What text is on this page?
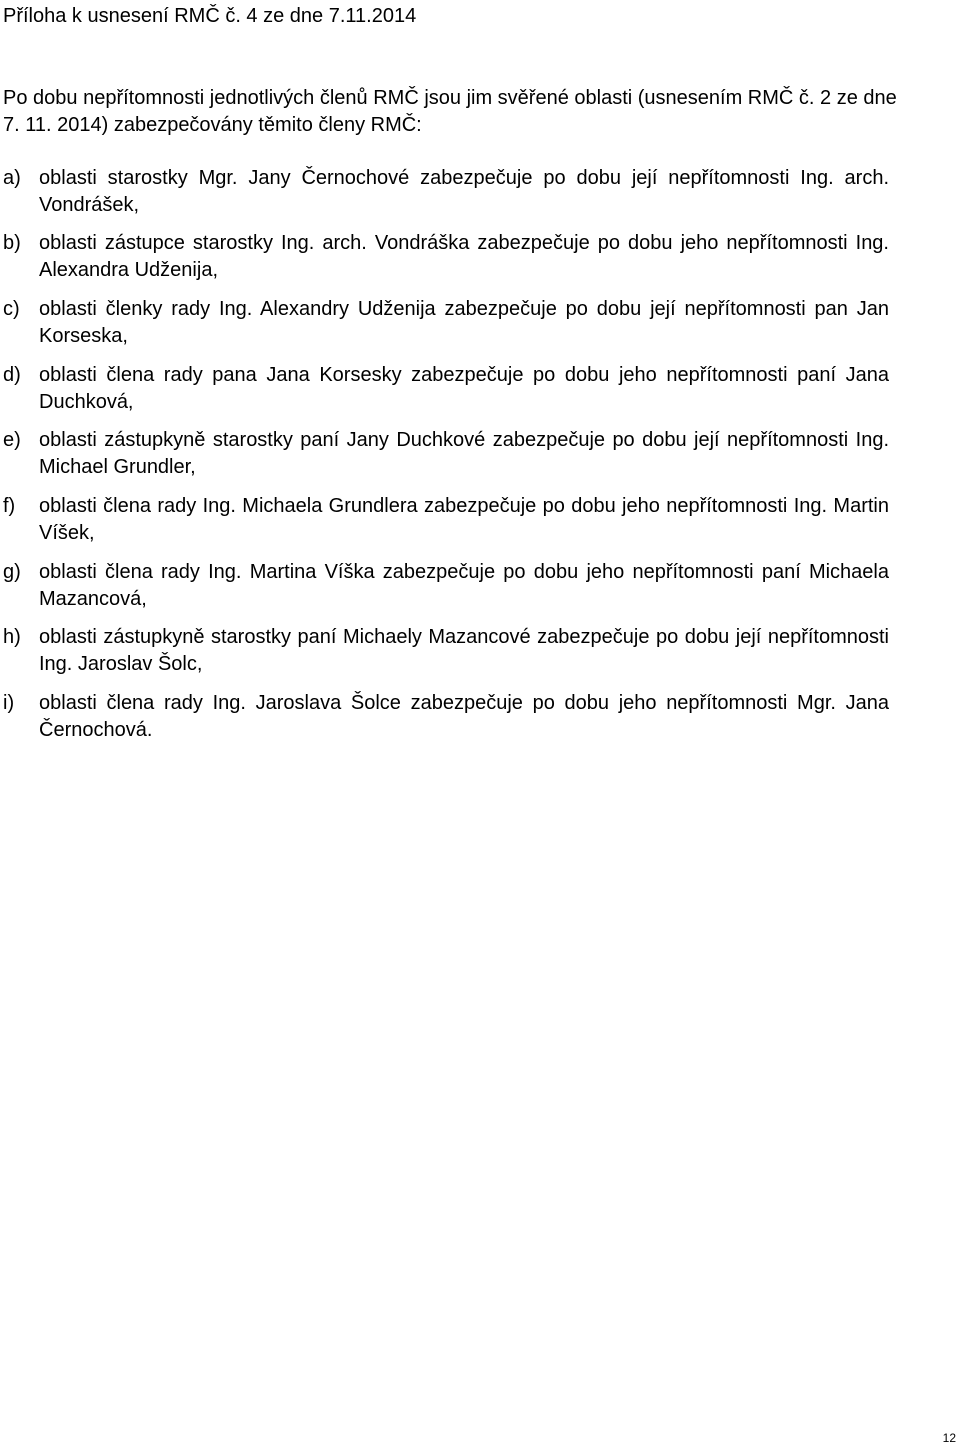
Příloha k usnesení RMČ č. 4 ze dne 7.11.2014

Po dobu nepřítomnosti jednotlivých členů RMČ jsou jim svěřené oblasti (usnesením RMČ č. 2 ze dne 7. 11. 2014) zabezpečovány těmito členy RMČ:

a) oblasti starostky Mgr. Jany Černochové zabezpečuje po dobu její nepřítomnosti Ing. arch. Vondrášek,
b) oblasti zástupce starostky Ing. arch. Vondráška zabezpečuje po dobu jeho nepřítomnosti Ing. Alexandra Udženija,
c) oblasti členky rady Ing. Alexandry Udženija zabezpečuje po dobu její nepřítomnosti pan Jan Korseska,
d) oblasti člena rady pana Jana Korsesky zabezpečuje po dobu jeho nepřítomnosti paní Jana Duchková,
e) oblasti zástupkyně starostky paní Jany Duchkové zabezpečuje po dobu její nepřítomnosti Ing. Michael Grundler,
f)	oblasti člena rady Ing. Michaela Grundlera zabezpečuje po dobu jeho nepřítomnosti Ing. Martin Víšek,
g) oblasti člena rady Ing. Martina Víška zabezpečuje po dobu jeho nepřítomnosti paní Michaela Mazancová,
h) oblasti zástupkyně starostky paní Michaely Mazancové zabezpečuje po dobu její nepřítomnosti Ing. Jaroslav Šolc,
i)	oblasti člena rady Ing. Jaroslava Šolce zabezpečuje po dobu jeho nepřítomnosti Mgr. Jana Černochová.
12
